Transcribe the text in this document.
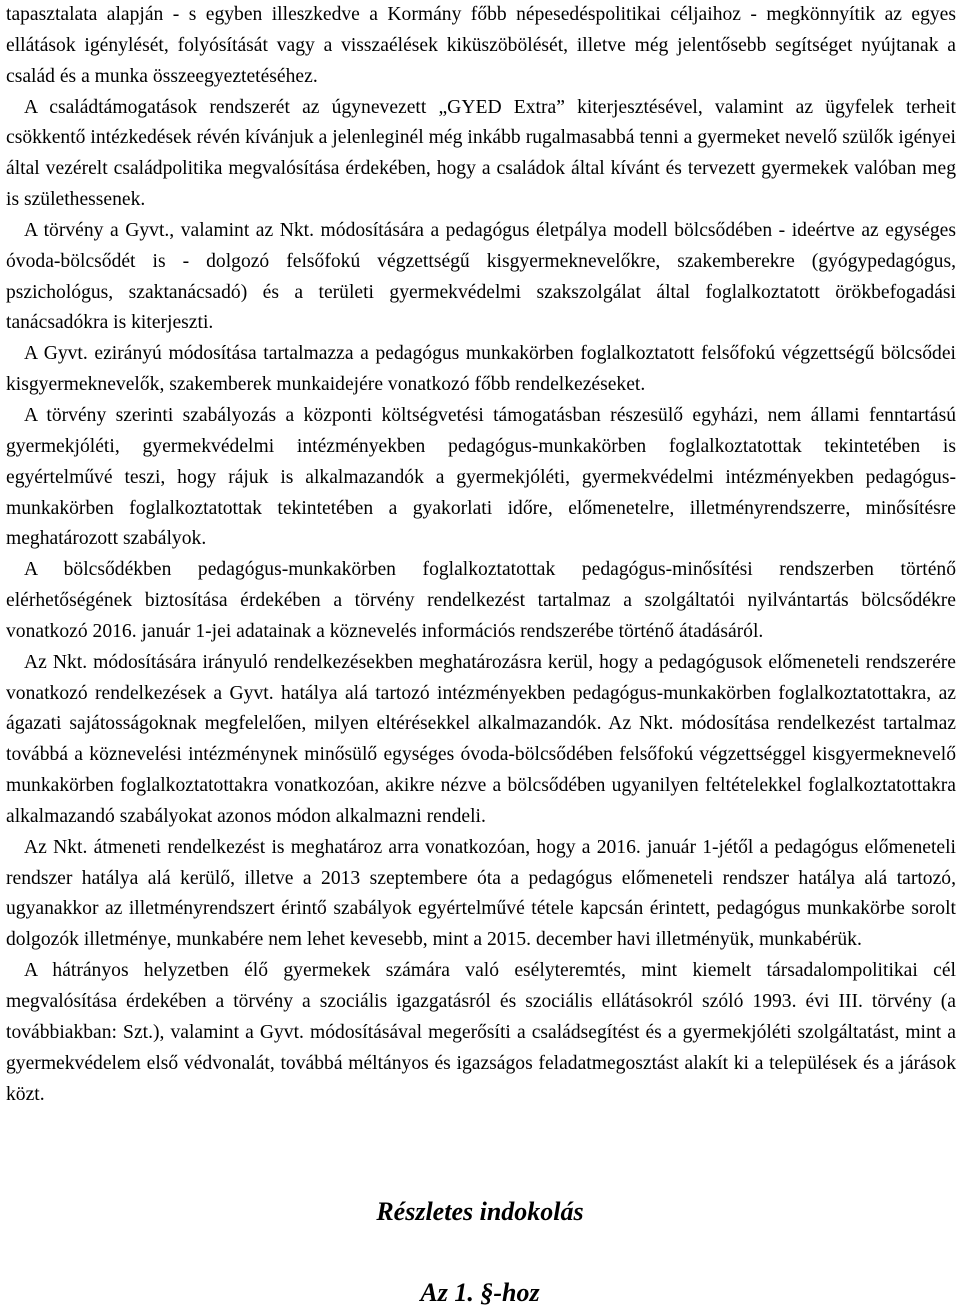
tapasztalata alapján - s egyben illeszkedve a Kormány főbb népesedéspolitikai céljaihoz - megkönnyítik az egyes ellátások igénylését, folyósítását vagy a visszaélések kiküszöbölését, illetve még jelentősebb segítséget nyújtanak a család és a munka összeegyeztetéséhez.

A családtámogatások rendszerét az úgynevezett „GYED Extra” kiterjesztésével, valamint az ügyfelek terheit csökkentő intézkedések révén kívánjuk a jelenleginél még inkább rugalmasabbá tenni a gyermeket nevelő szülők igényei által vezérelt családpolitika megvalósítása érdekében, hogy a családok által kívánt és tervezett gyermekek valóban meg is születhessenek.

A törvény a Gyvt., valamint az Nkt. módosítására a pedagógus életpálya modell bölcsődében - ideértve az egységes óvoda-bölcsődét is - dolgozó felsőfokú végzettségű kisgyermeknevelőkre, szakemberekre (gyógypedagógus, pszichológus, szaktanácsadó) és a területi gyermekvédelmi szakszolgálat által foglalkoztatott örökbefogadási tanácsadókra is kiterjeszti.

A Gyvt. ezirányú módosítása tartalmazza a pedagógus munkakörben foglalkoztatott felsőfokú végzettségű bölcsődei kisgyermeknevelők, szakemberek munkaidejére vonatkozó főbb rendelkezéseket.

A törvény szerinti szabályozás a központi költségvetési támogatásban részesülő egyházi, nem állami fenntartású gyermekjóléti, gyermekvédelmi intézményekben pedagógus-munkakörben foglalkoztatottak tekintetében is egyértelművé teszi, hogy rájuk is alkalmazandók a gyermekjóléti, gyermekvédelmi intézményekben pedagógus-munkakörben foglalkoztatottak tekintetében a gyakorlati időre, előmenetelre, illetményrendszerre, minősítésre meghatározott szabályok.

A bölcsődékben pedagógus-munkakörben foglalkoztatottak pedagógus-minősítési rendszerben történő elérhetőségének biztosítása érdekében a törvény rendelkezést tartalmaz a szolgáltatói nyilvántartás bölcsődékre vonatkozó 2016. január 1-jei adatainak a köznevelés információs rendszerébe történő átadásáról.

Az Nkt. módosítására irányuló rendelkezésekben meghatározásra kerül, hogy a pedagógusok előmeneteli rendszerére vonatkozó rendelkezések a Gyvt. hatálya alá tartozó intézményekben pedagógus-munkakörben foglalkoztatottakra, az ágazati sajátosságoknak megfelelően, milyen eltérésekkel alkalmazandók. Az Nkt. módosítása rendelkezést tartalmaz továbbá a köznevelési intézménynek minősülő egységes óvoda-bölcsődében felsőfokú végzettséggel kisgyermeknevelő munkakörben foglalkoztatottakra vonatkozóan, akikre nézve a bölcsődében ugyanilyen feltételekkel foglalkoztatottakra alkalmazandó szabályokat azonos módon alkalmazni rendeli.

Az Nkt. átmeneti rendelkezést is meghatároz arra vonatkozóan, hogy a 2016. január 1-jétől a pedagógus előmeneteli rendszer hatálya alá kerülő, illetve a 2013 szeptembere óta a pedagógus előmeneteli rendszer hatálya alá tartozó, ugyanakkor az illetményrendszert érintő szabályok egyértelművé tétele kapcsán érintett, pedagógus munkakörbe sorolt dolgozók illetménye, munkabére nem lehet kevesebb, mint a 2015. december havi illetményük, munkabérük.

A hátrányos helyzetben élő gyermekek számára való esélyteremtés, mint kiemelt társadalompolitikai cél megvalósítása érdekében a törvény a szociális igazgatásról és szociális ellátásokról szóló 1993. évi III. törvény (a továbbiakban: Szt.), valamint a Gyvt. módosításával megerősíti a családsegítést és a gyermekjóléti szolgáltatást, mint a gyermekvédelem első védvonalát, továbbá méltányos és igazságos feladatmegosztást alakít ki a települések és a járások közt.

Részletes indokolás
Az 1. §-hoz
